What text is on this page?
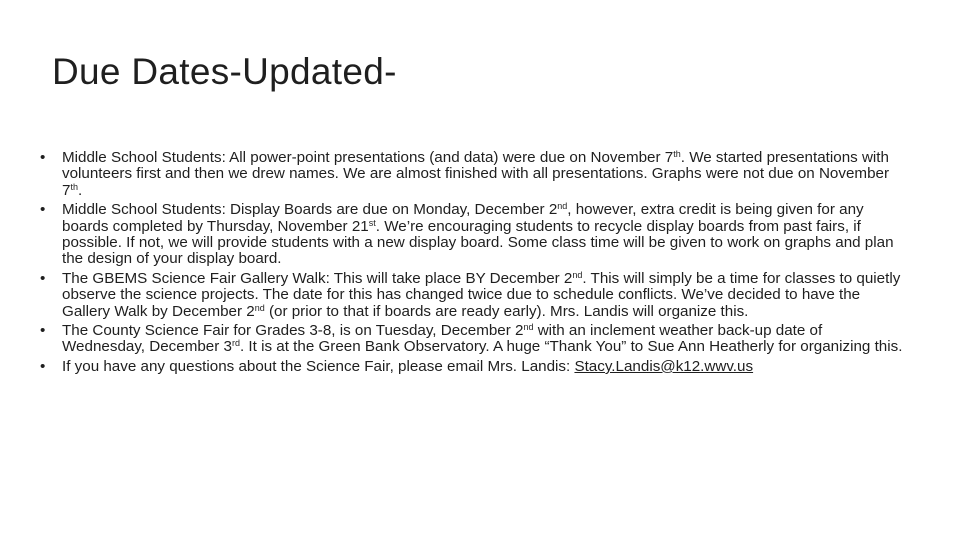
Due Dates-Updated-
•	Middle School Students: All power-point presentations (and data) were due on November 7th. We started presentations with volunteers first and then we drew names. We are almost finished with all presentations. Graphs were not due on November 7th.
•	Middle School Students: Display Boards are due on Monday, December 2nd, however, extra credit is being given for any boards completed by Thursday, November 21st. We’re encouraging students to recycle display boards from past fairs, if possible. If not, we will provide students with a new display board. Some class time will be given to work on graphs and plan the design of your display board.
•	The GBEMS Science Fair Gallery Walk: This will take place BY December 2nd. This will simply be a time for classes to quietly observe the science projects. The date for this has changed twice due to schedule conflicts. We’ve decided to have the Gallery Walk by December 2nd (or prior to that if boards are ready early). Mrs. Landis will organize this.
•	The County Science Fair for Grades 3-8, is on Tuesday, December 2nd with an inclement weather back-up date of Wednesday, December 3rd. It is at the Green Bank Observatory. A huge “Thank You” to Sue Ann Heatherly for organizing this.
•	If you have any questions about the Science Fair, please email Mrs. Landis: Stacy.Landis@k12.wwv.us
